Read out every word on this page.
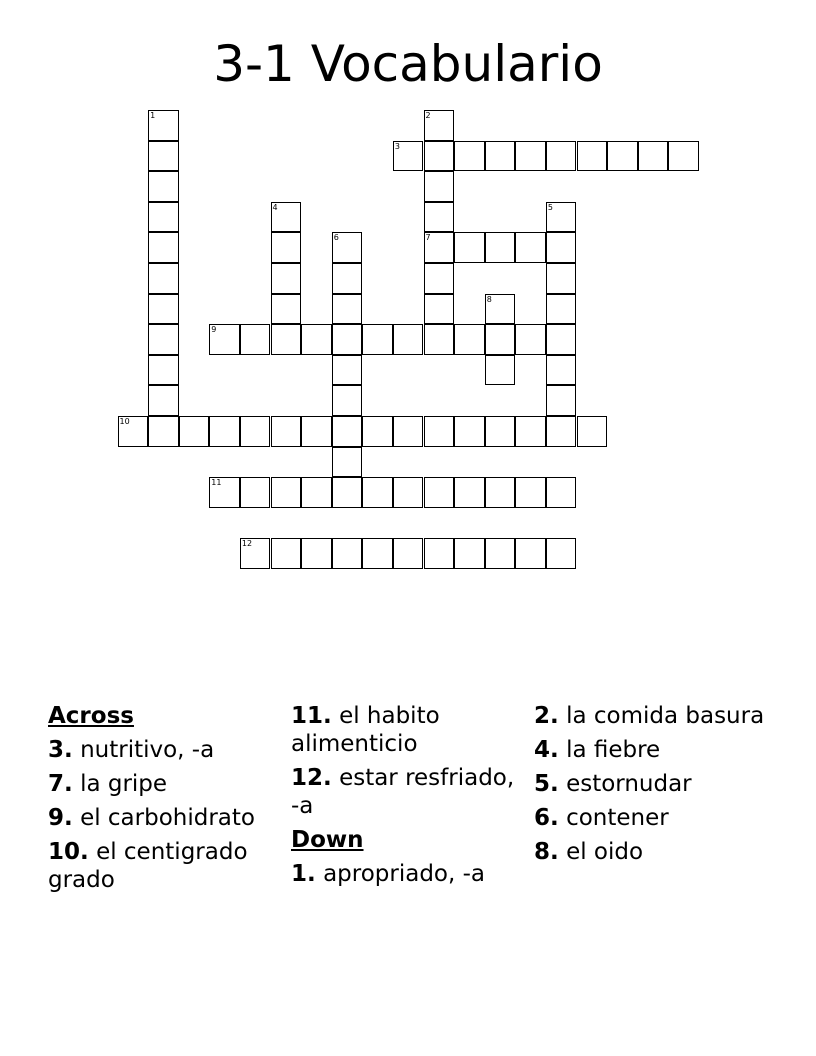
3-1 Vocabulario
1	2
7
3
4	5
6
8
9
10
11
12
Across
3. nutritivo, -a
7. la gripe
9. el carbohidrato
10. el centigrado grado
11. el habito alimenticio
12. estar resfriado, -a
Down
1. apropriado, -a
2. la comida basura
4. la fiebre
5. estornudar
6. contener
8. el oido
